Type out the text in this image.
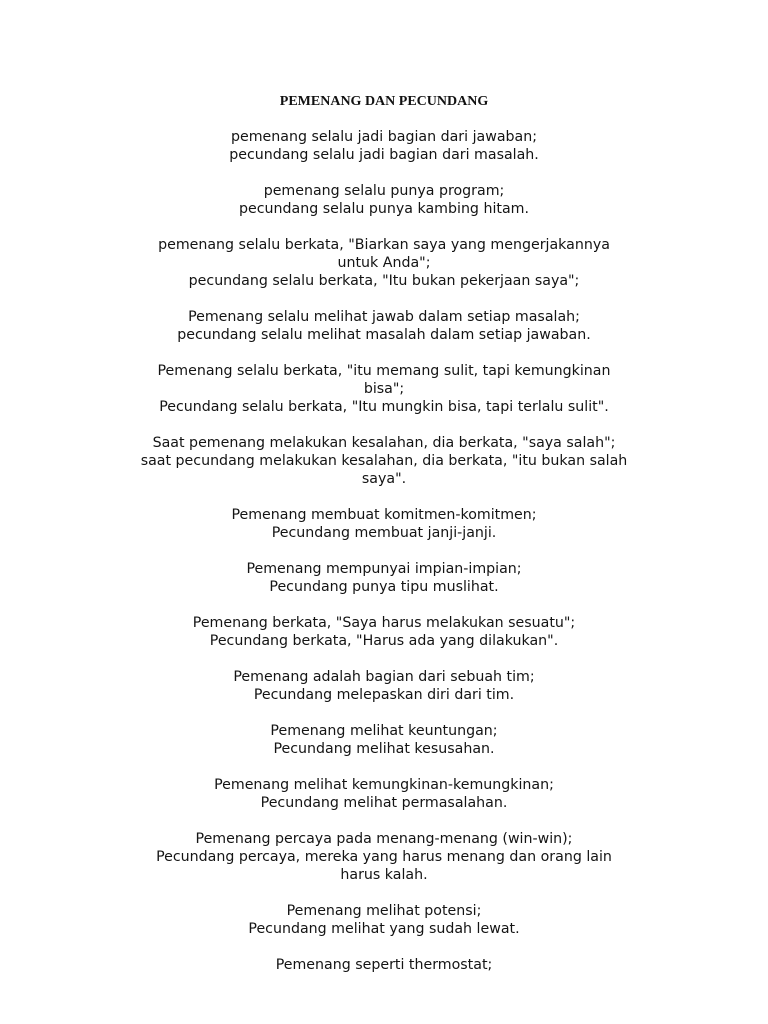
PEMENANG DAN PECUNDANG
pemenang selalu jadi bagian dari jawaban;
pecundang selalu jadi bagian dari masalah.
pemenang selalu punya program;
pecundang selalu punya kambing hitam.
pemenang selalu berkata, "Biarkan saya yang mengerjakannya
untuk Anda";
pecundang selalu berkata, "Itu bukan pekerjaan saya";
Pemenang selalu melihat jawab dalam setiap masalah;
pecundang selalu melihat masalah dalam setiap jawaban.
Pemenang selalu berkata, "itu memang sulit, tapi kemungkinan
bisa";
Pecundang selalu berkata, "Itu mungkin bisa, tapi terlalu sulit".
Saat pemenang melakukan kesalahan, dia berkata, "saya salah";
saat pecundang melakukan kesalahan, dia berkata, "itu bukan salah
saya".
Pemenang membuat komitmen-komitmen;
Pecundang membuat janji-janji.
Pemenang mempunyai impian-impian;
Pecundang punya tipu muslihat.
Pemenang berkata, "Saya harus melakukan sesuatu";
Pecundang berkata, "Harus ada yang dilakukan".
Pemenang adalah bagian dari sebuah tim;
Pecundang melepaskan diri dari tim.
Pemenang melihat keuntungan;
Pecundang melihat kesusahan.
Pemenang melihat kemungkinan-kemungkinan;
Pecundang melihat permasalahan.
Pemenang percaya pada menang-menang (win-win);
Pecundang percaya, mereka yang harus menang dan orang lain
harus kalah.
Pemenang melihat potensi;
Pecundang melihat yang sudah lewat.
Pemenang seperti thermostat;
